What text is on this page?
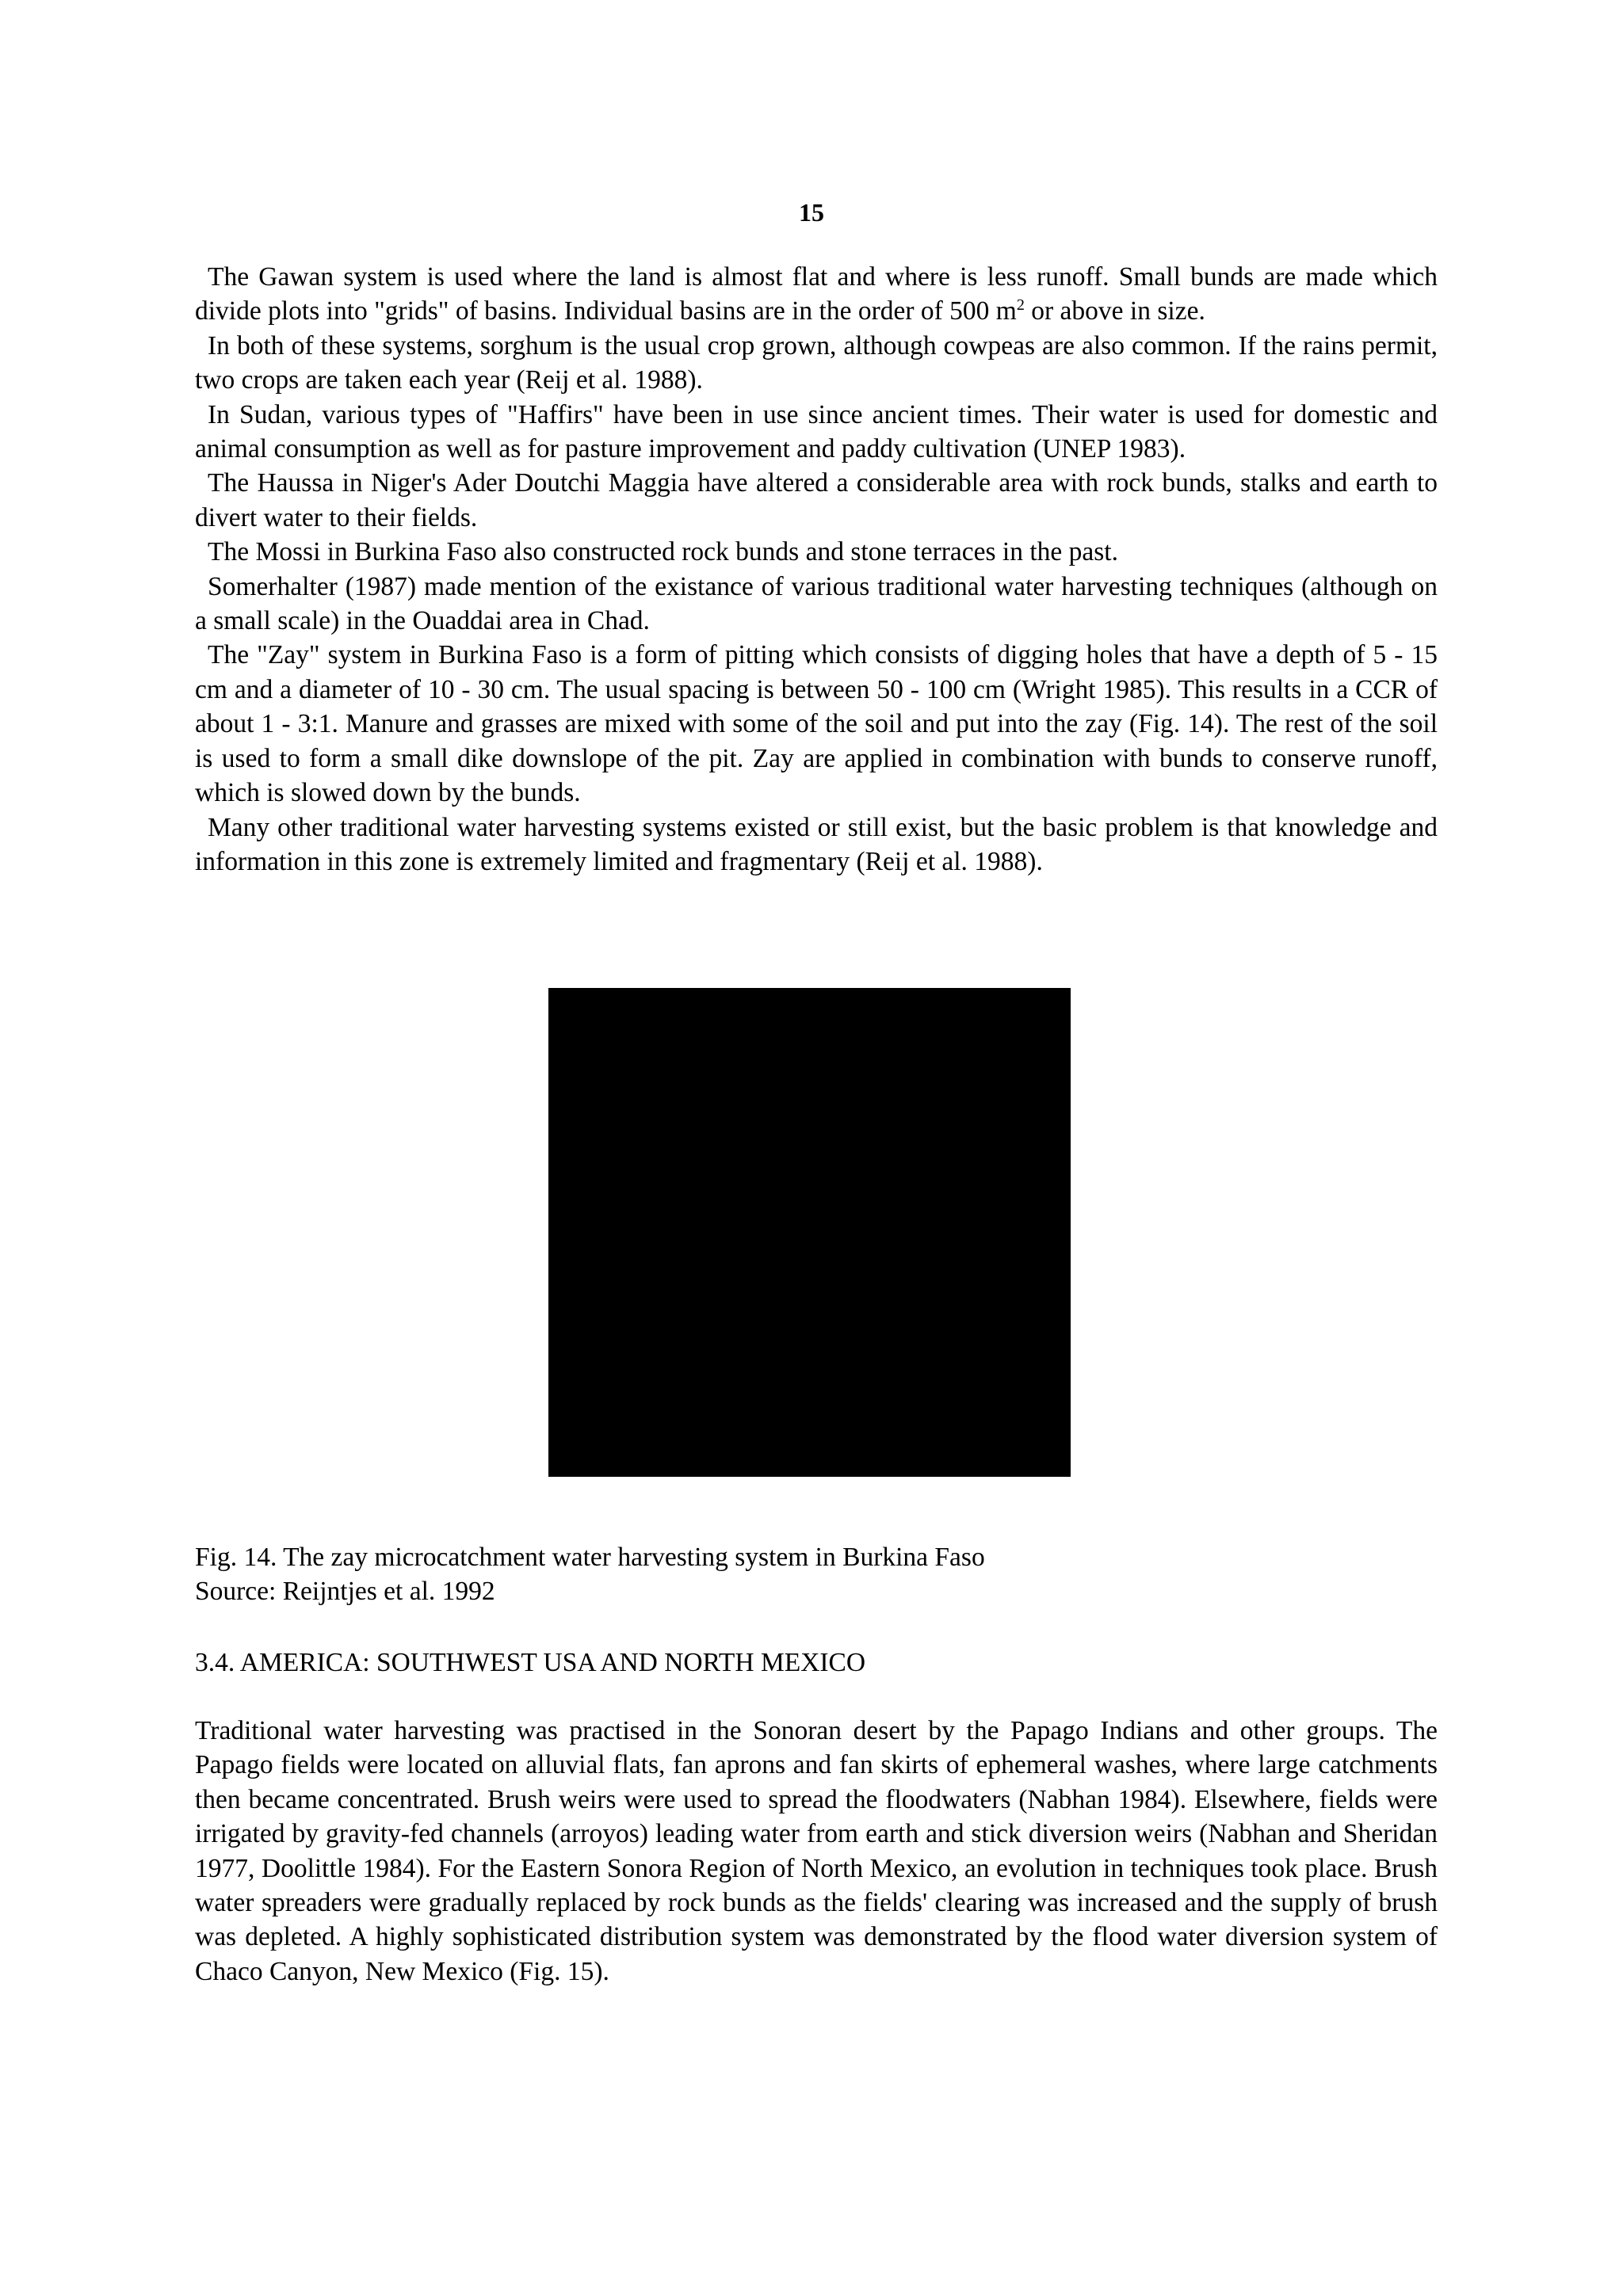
15

The Gawan system is used where the land is almost flat and where is less runoff. Small bunds are made which divide plots into "grids" of basins. Individual basins are in the order of 500 $m^2$ or above in size.

In both of these systems, sorghum is the usual crop grown, although cowpeas are also common. If the rains permit, two crops are taken each year (Reij et al. 1988).

In Sudan, various types of "Haffirs" have been in use since ancient times. Their water is used for domestic and animal consumption as well as for pasture improvement and paddy cultivation (UNEP 1983).

The Haussa in Niger's Ader Doutchi Maggia have altered a considerable area with rock bunds, stalks and earth to divert water to their fields.

The Mossi in Burkina Faso also constructed rock bunds and stone terraces in the past.

Somerhalter (1987) made mention of the existance of various traditional water harvesting techniques (although on a small scale) in the Ouaddai area in Chad.

The "Zay" system in Burkina Faso is a form of pitting which consists of digging holes that have a depth of 5 - 15 cm and a diameter of 10 - 30 cm. The usual spacing is between 50 - 100 cm (Wright 1985). This results in a CCR of about 1 - 3:1. Manure and grasses are mixed with some of the soil and put into the zay (Fig. 14). The rest of the soil is used to form a small dike downslope of the pit. Zay are applied in combination with bunds to conserve runoff, which is slowed down by the bunds.

Many other traditional water harvesting systems existed or still exist, but the basic problem is that knowledge and information in this zone is extremely limited and fragmentary (Reij et al. 1988).

Fig. 14. The zay microcatchment water harvesting system in Burkina Faso
Source: Reijntjes et al. 1992
3.4. AMERICA: SOUTHWEST USA AND NORTH MEXICO

Traditional water harvesting was practised in the Sonoran desert by the Papago Indians and other groups. The Papago fields were located on alluvial flats, fan aprons and fan skirts of ephemeral washes, where large catchments then became concentrated. Brush weirs were used to spread the floodwaters (Nabhan 1984). Elsewhere, fields were irrigated by gravity-fed channels (arroyos) leading water from earth and stick diversion weirs (Nabhan and Sheridan 1977, Doolittle 1984). For the Eastern Sonora Region of North Mexico, an evolution in techniques took place. Brush water spreaders were gradually replaced by rock bunds as the fields' clearing was increased and the supply of brush was depleted. A highly sophisticated distribution system was demonstrated by the flood water diversion system of Chaco Canyon, New Mexico (Fig. 15).
